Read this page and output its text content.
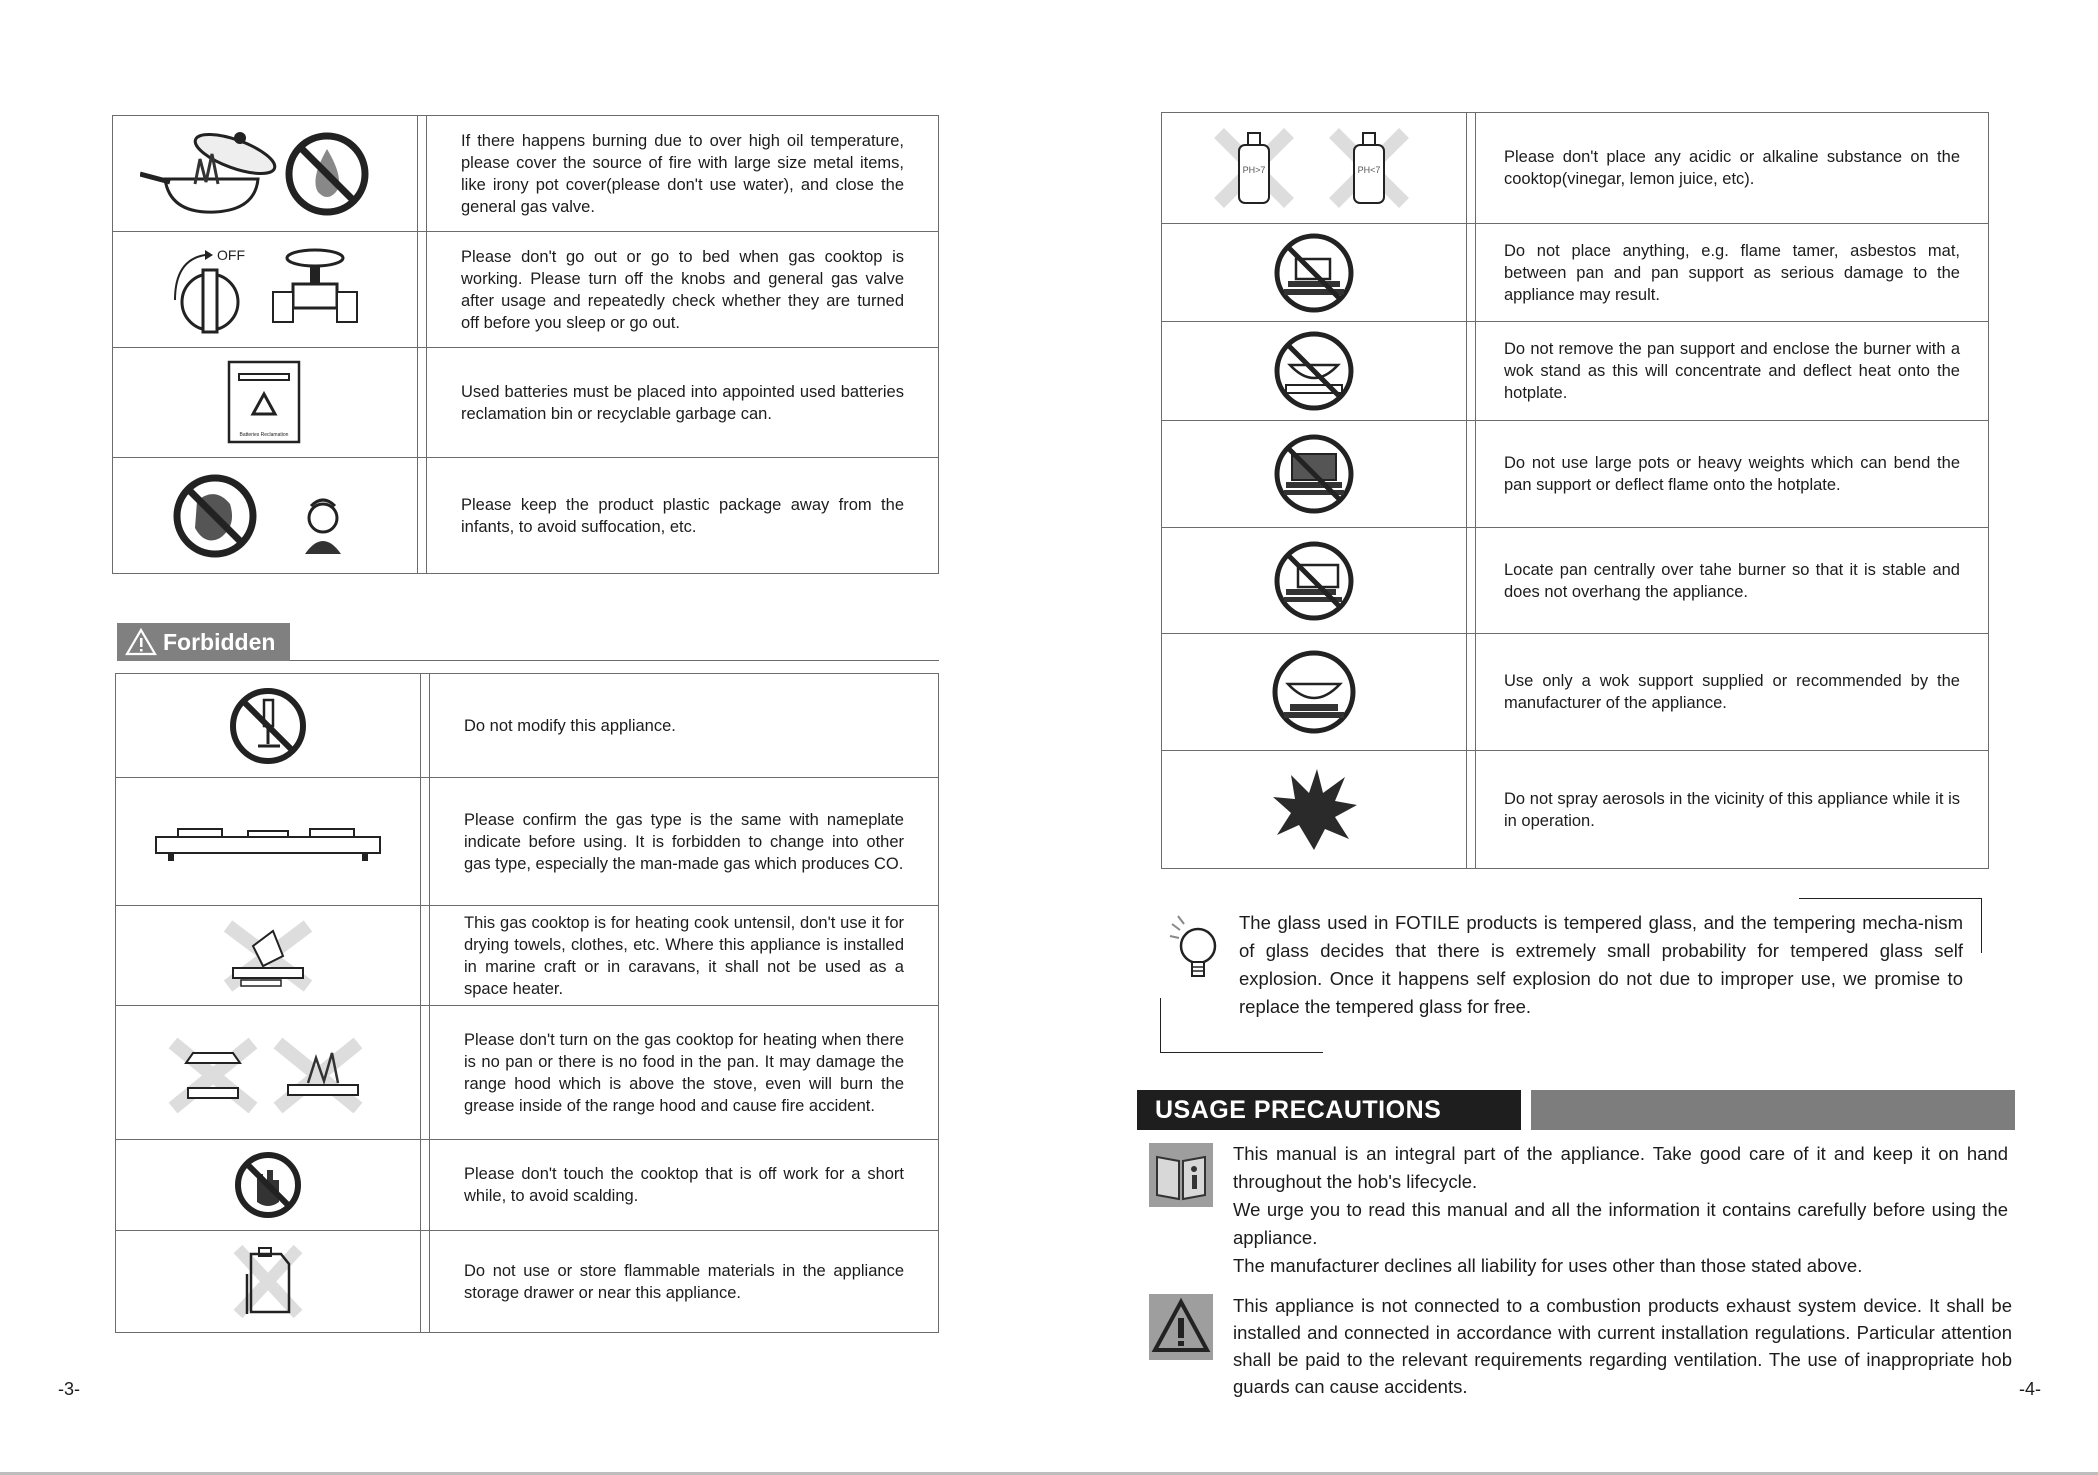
If there happens burning due to over high oil temperature, please cover the source of fire with large size metal items, like irony pot cover(please don't use water), and close the general gas valve.

OFF		Please don't go out or go to bed when gas cooktop is working. Please turn off the knobs and general gas valve after usage and repeatedly check whether they are turned off before you sleep or go out.

Batteries Reclamation		Used batteries must be placed into appointed used batteries reclamation bin or recyclable garbage can.

Please keep the product plastic package away from the infants, to avoid suffocation, etc.
Forbidden

Do not modify this appliance.

Please confirm the gas type is the same with nameplate indicate before using. It is forbidden to change into other gas type, especially the man-made gas which produces CO.

This gas cooktop is for heating cook untensil, don't use it for drying towels, clothes, etc. Where this appliance is installed in marine craft or in caravans, it shall not be used as a space heater.

Please don't turn on the gas cooktop for heating when there is no pan or there is no food in the pan. It may damage the range hood which is above the stove, even will burn the grease inside of the range hood and cause fire accident.

Please don't touch the cooktop that is off work for a short while, to avoid scalding.

Do not use or store flammable materials in the appliance storage drawer or near this appliance.
-3-
PH>7 PH<7		Please don't place any acidic or alkaline substance on the cooktop(vinegar, lemon juice, etc).

Do not place anything, e.g. flame tamer, asbestos mat, between pan and pan support as serious damage to the appliance may result.

Do not remove the pan support and enclose the burner with a wok stand as this will concentrate and deflect heat onto the hotplate.

Do not use large pots or heavy weights which can bend the pan support or deflect flame onto the hotplate.

Locate pan centrally over tahe burner so that it is stable and does not overhang the appliance.

Use only a wok support supplied or recommended by the manufacturer of the appliance.

Do not spray aerosols in the vicinity of this appliance while it is in operation.
The glass used in FOTILE products is tempered glass, and the tempering mecha-nism of glass decides that there is extremely small probability for tempered glass self explosion. Once it happens self explosion do not due to improper use, we promise to replace the tempered glass for free.
USAGE PRECAUTIONS
This manual is an integral part of the appliance. Take good care of it and keep it on hand throughout the hob's lifecycle.
We urge you to read this manual and all the information it contains carefully before using the appliance.
The manufacturer declines all liability for uses other than those stated above.
This appliance is not connected to a combustion products exhaust system device. It shall be installed and connected in accordance with current installation regulations. Particular attention shall be paid to the relevant requirements regarding ventilation. The use of inappropriate hob guards can cause accidents.	-4-
